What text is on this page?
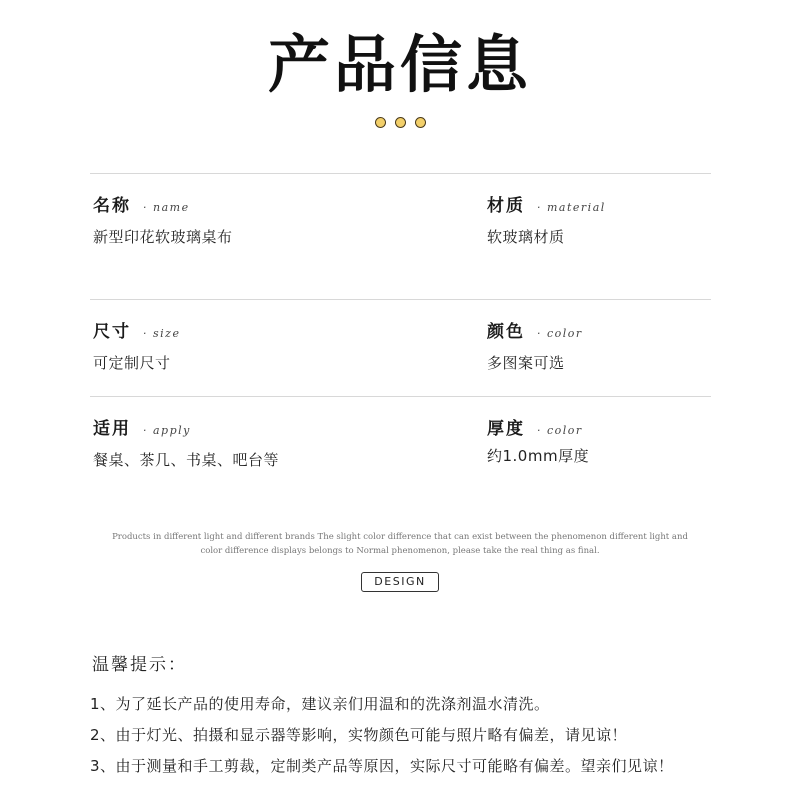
产品信息
名称 · name
新型印花软玻璃桌布
材质 · material
软玻璃材质
尺寸 · size
可定制尺寸
颜色 · color
多图案可选
适用 · apply
餐桌、茶几、书桌、吧台等
厚度 · color
约1.0mm厚度
Products in different light and different brands The slight color difference that can exist between the phenomenon different light and
color difference displays belongs to Normal phenomenon, please take the real thing as final.
DESIGN
温馨提示：
1、为了延长产品的使用寿命，建议亲们用温和的洗涤剂温水清洗。
2、由于灯光、拍摄和显示器等影响，实物颜色可能与照片略有偏差，请见谅！
3、由于测量和手工剪裁，定制类产品等原因，实际尺寸可能略有偏差。望亲们见谅！
